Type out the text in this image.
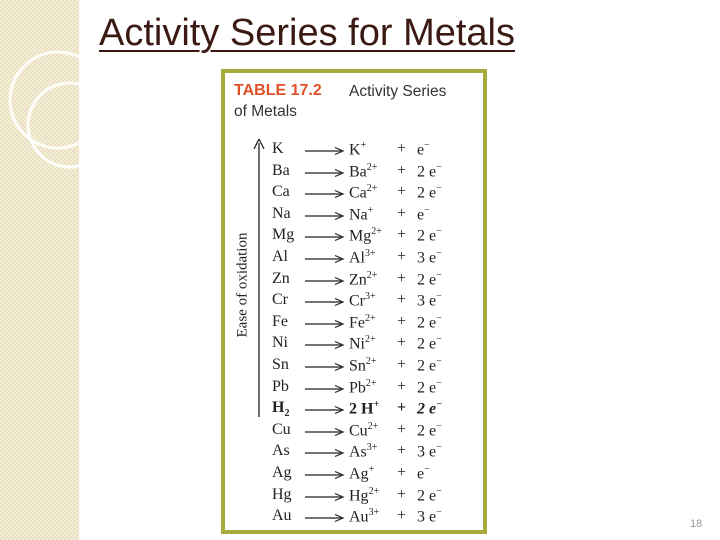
Activity Series for Metals
TABLE 17.2 Activity Series
of Metals
Ease of oxidation
K	K+ + e−
Ba	$Ba^{2+} + 2$ e−
Ca	$Ca^{2+} + 2$ e−
Na	Na+ + e−
Mg	$Mg^{2+} + 2$ e−
Al	$Al^{3+} + 3$ e−
Zn	$Zn^{2+} + 2$ e−
Cr	$Cr^{3+} + 3$ e−
Fe	$Fe^{2+} + 2$ e−
Ni	$Ni^{2+} + 2$ e−
Sn	$Sn^{2+} + 2$ e−
Pb	$Pb^{2+} + 2$ e−
$H_2$	2 H+ + 2 e−
Cu	$Cu^{2+} + 2$ e−
As	$As^{3+} + 3$ e−
Ag	Ag+ + e−
Hg	$Hg^{2+} + 2$ e−
Au	$Au^{3+} + 3$ e−
18
